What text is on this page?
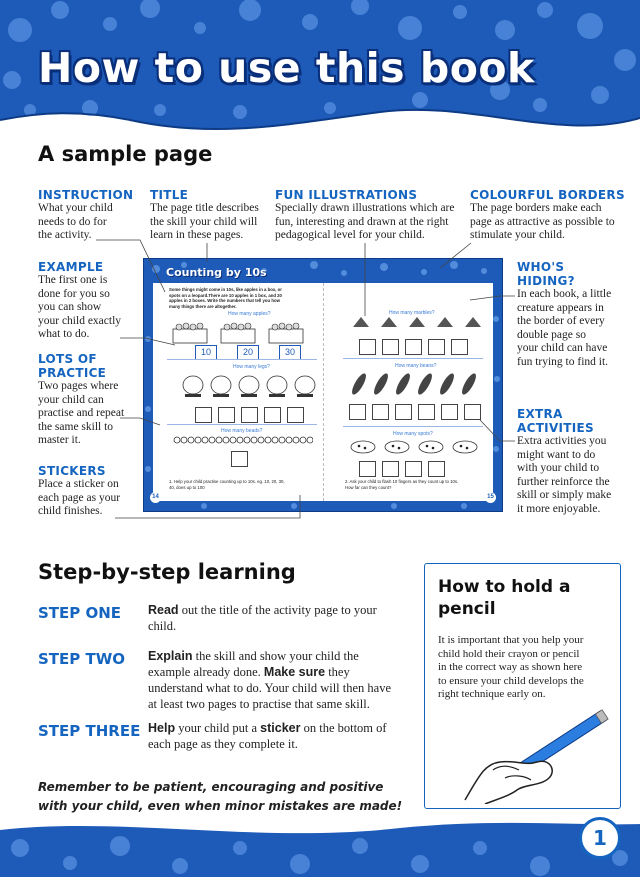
How to use this book
A sample page
INSTRUCTION
What your child
needs to do for
the activity.
TITLE
The page title describes
the skill your child will
learn in these pages.
FUN ILLUSTRATIONS
Specially drawn illustrations which are
fun, interesting and drawn at the right
pedagogical level for your child.
COLOURFUL BORDERS
The page borders make each
page as attractive as possible to
stimulate your child.
EXAMPLE
The first one is
done for you so
you can show
your child exactly
what to do.
LOTS OF
PRACTICE
Two pages where
your child can
practise and repeat
the same skill to
master it.
STICKERS
Place a sticker on
each page as your
child finishes.
WHO'S
HIDING?
In each book, a little
creature appears in
the border of every
double page so
your child can have
fun trying to find it.
EXTRA
ACTIVITIES
Extra activities you
might want to do
with your child to
further reinforce the
skill or simply make
it more enjoyable.
Counting by 10s
Some things might come in 10s, like apples in a box, or
spots on a leopard.There are 10 apples in 1 box, and 20
apples in 2 boxes. Write the numbers that tell you how
many things there are altogether.
How many apples?
10	20	30
How many legs?
How many beads?
1. Help your child practise counting up to 10s. eg. 10, 20, 30, 40, does up to 100
How many marbles?
How many beans?
How many spots?
2. Ask your child to flash 10 fingers as they count up to 10s. How far can they count?
14	15
Step-by-step learning
STEP ONE Read out the title of the activity page to your child.
STEP TWO Explain the skill and show your child the example already done. Make sure they understand what to do. Your child will then have at least two pages to practise that same skill.
STEP THREE Help your child put a sticker on the bottom of each page as they complete it.
Remember to be patient, encouraging and positive
with your child, even when minor mistakes are made!
How to hold a
pencil
It is important that you help your
child hold their crayon or pencil
in the correct way as shown here
to ensure your child develops the
right technique early on.
1
